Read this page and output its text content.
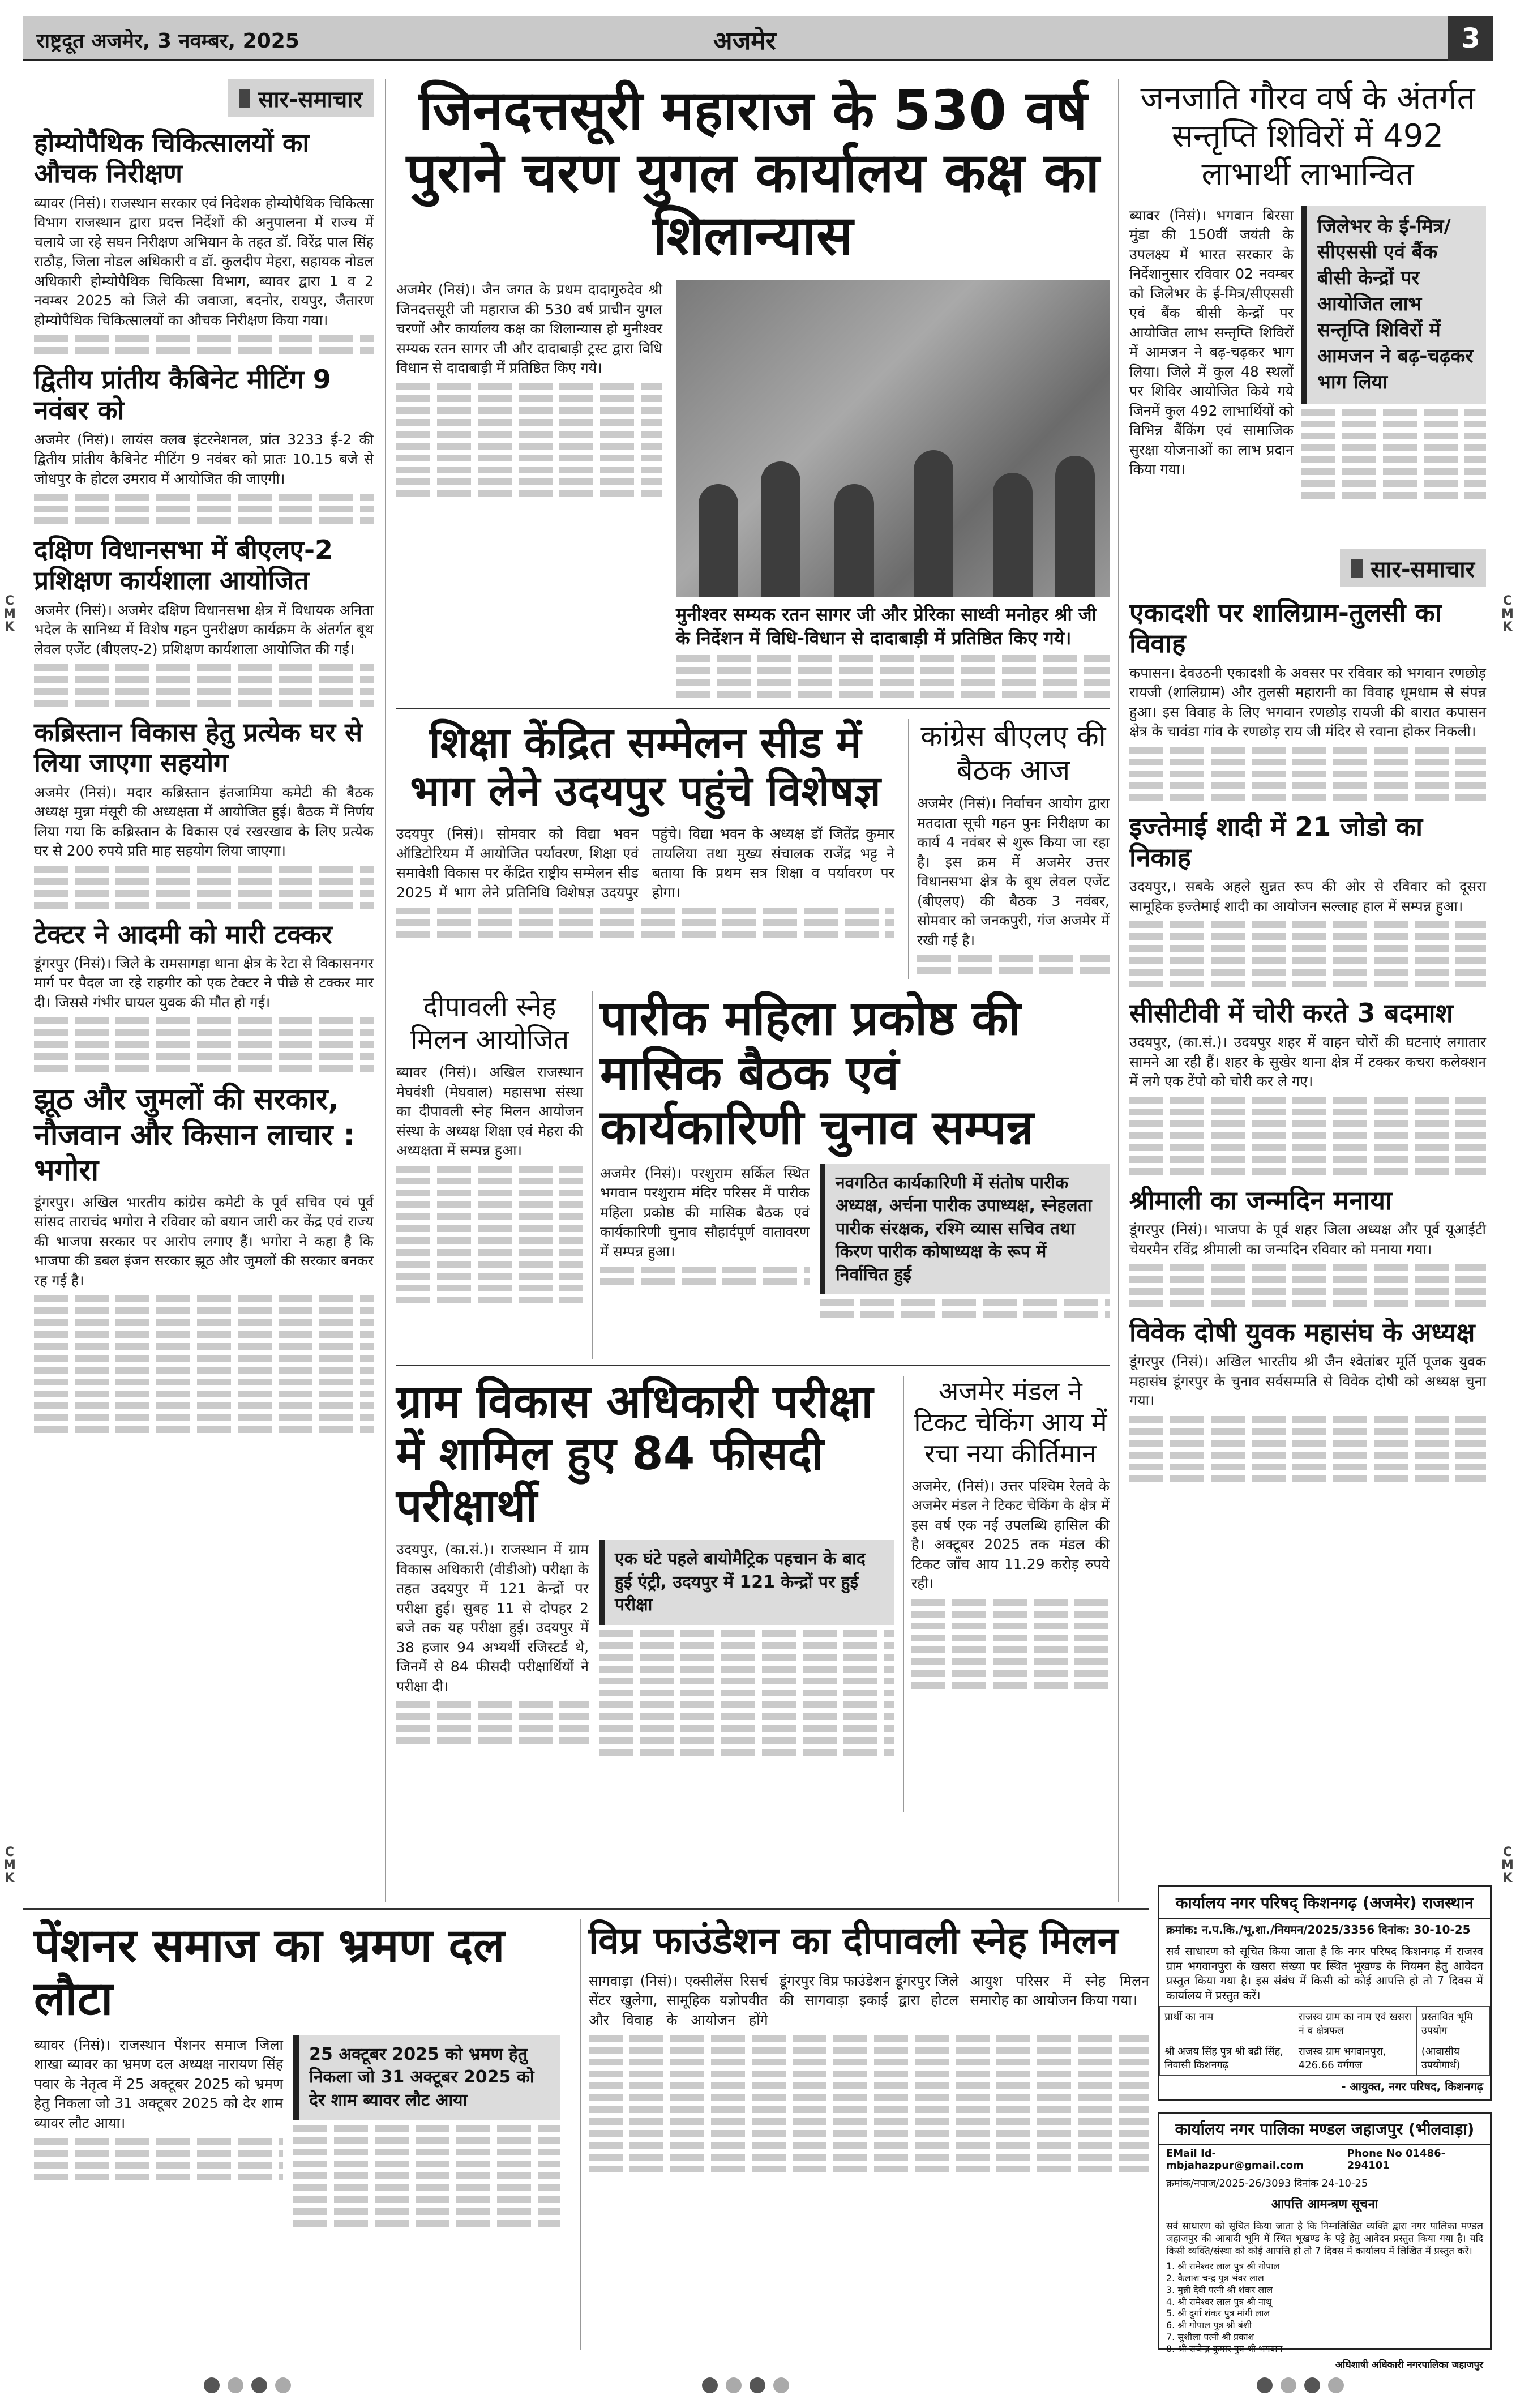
राष्ट्रदूत अजमेर, 3 नवम्बर, 2025	अजमेर	3
C
M
K
C
M
K
C
M
K
C
M
K
सार-समाचार
होम्योपैथिक चिकित्सालयों का औचक निरीक्षण
ब्यावर (निसं)। राजस्थान सरकार एवं निदेशक होम्योपैथिक चिकित्सा विभाग राजस्थान द्वारा प्रदत्त निर्देशों की अनुपालना में राज्य में चलाये जा रहे सघन निरीक्षण अभियान के तहत डॉ. विरेंद्र पाल सिंह राठौड़, जिला नोडल अधिकारी व डॉ. कुलदीप मेहरा, सहायक नोडल अधिकारी होम्योपैथिक चिकित्सा विभाग, ब्यावर द्वारा 1 व 2 नवम्बर 2025 को जिले की जवाजा, बदनोर, रायपुर, जैतारण होम्योपैथिक चिकित्सालयों का औचक निरीक्षण किया गया।
द्वितीय प्रांतीय कैबिनेट मीटिंग 9 नवंबर को
अजमेर (निसं)। लायंस क्लब इंटरनेशनल, प्रांत 3233 ई-2 की द्वितीय प्रांतीय कैबिनेट मीटिंग 9 नवंबर को प्रातः 10.15 बजे से जोधपुर के होटल उमराव में आयोजित की जाएगी।
दक्षिण विधानसभा में बीएलए-2 प्रशिक्षण कार्यशाला आयोजित
अजमेर (निसं)। अजमेर दक्षिण विधानसभा क्षेत्र में विधायक अनिता भदेल के सानिध्य में विशेष गहन पुनरीक्षण कार्यक्रम के अंतर्गत बूथ लेवल एजेंट (बीएलए-2) प्रशिक्षण कार्यशाला आयोजित की गई।
कब्रिस्तान विकास हेतु प्रत्येक घर से लिया जाएगा सहयोग
अजमेर (निसं)। मदार कब्रिस्तान इंतजामिया कमेटी की बैठक अध्यक्ष मुन्ना मंसूरी की अध्यक्षता में आयोजित हुई। बैठक में निर्णय लिया गया कि कब्रिस्तान के विकास एवं रखरखाव के लिए प्रत्येक घर से 200 रुपये प्रति माह सहयोग लिया जाएगा।
टेक्टर ने आदमी को मारी टक्कर
डूंगरपुर (निसं)। जिले के रामसागड़ा थाना क्षेत्र के रेटा से विकासनगर मार्ग पर पैदल जा रहे राहगीर को एक टेक्टर ने पीछे से टक्कर मार दी। जिससे गंभीर घायल युवक की मौत हो गई।
झूठ और जुमलों की सरकार, नौजवान और किसान लाचार : भगोरा
डूंगरपुर। अखिल भारतीय कांग्रेस कमेटी के पूर्व सचिव एवं पूर्व सांसद ताराचंद भगोरा ने रविवार को बयान जारी कर केंद्र एवं राज्य की भाजपा सरकार पर आरोप लगाए हैं। भगोरा ने कहा है कि भाजपा की डबल इंजन सरकार झूठ और जुमलों की सरकार बनकर रह गई है।
जिनदत्तसूरी महाराज के 530 वर्ष पुराने चरण युगल कार्यालय कक्ष का शिलान्यास
अजमेर (निसं)। जैन जगत के प्रथम दादागुरुदेव श्री जिनदत्तसूरी जी महाराज की 530 वर्ष प्राचीन युगल चरणों और कार्यालय कक्ष का शिलान्यास हो मुनीश्वर सम्यक रतन सागर जी और दादाबाड़ी ट्रस्ट द्वारा विधि विधान से दादाबाड़ी में प्रतिष्ठित किए गये।
मुनीश्वर सम्यक रतन सागर जी और प्रेरिका साध्वी मनोहर श्री जी के निर्देशन में विधि-विधान से दादाबाड़ी में प्रतिष्ठित किए गये।
जनजाति गौरव वर्ष के अंतर्गत सन्तृप्ति शिविरों में 492 लाभार्थी लाभान्वित
ब्यावर (निसं)। भगवान बिरसा मुंडा की 150वीं जयंती के उपलक्ष्य में भारत सरकार के निर्देशानुसार रविवार 02 नवम्बर को जिलेभर के ई-मित्र/सीएससी एवं बैंक बीसी केन्द्रों पर आयोजित लाभ सन्तृप्ति शिविरों में आमजन ने बढ़-चढ़कर भाग लिया। जिले में कुल 48 स्थलों पर शिविर आयोजित किये गये जिनमें कुल 492 लाभार्थियों को विभिन्न बैंकिंग एवं सामाजिक सुरक्षा योजनाओं का लाभ प्रदान किया गया।
जिलेभर के ई-मित्र/सीएससी एवं बैंक बीसी केन्द्रों पर आयोजित लाभ सन्तृप्ति शिविरों में आमजन ने बढ़-चढ़कर भाग लिया
सार-समाचार
एकादशी पर शालिग्राम-तुलसी का विवाह
कपासन। देवउठनी एकादशी के अवसर पर रविवार को भगवान रणछोड़ रायजी (शालिग्राम) और तुलसी महारानी का विवाह धूमधाम से संपन्न हुआ। इस विवाह के लिए भगवान रणछोड़ रायजी की बारात कपासन क्षेत्र के चावंडा गांव के रणछोड़ राय जी मंदिर से रवाना होकर निकली।
इज्तेमाई शादी में 21 जोडो का निकाह
उदयपुर,। सबके अहले सुन्नत रूप की ओर से रविवार को दूसरा सामूहिक इज्तेमाई शादी का आयोजन सल्लाह हाल में सम्पन्न हुआ।
सीसीटीवी में चोरी करते 3 बदमाश
उदयपुर, (का.सं.)। उदयपुर शहर में वाहन चोरों की घटनाएं लगातार सामने आ रही हैं। शहर के सुखेर थाना क्षेत्र में टक्कर कचरा कलेक्शन में लगे एक टेंपो को चोरी कर ले गए।
श्रीमाली का जन्मदिन मनाया
डूंगरपुर (निसं)। भाजपा के पूर्व शहर जिला अध्यक्ष और पूर्व यूआईटी चेयरमैन रविंद्र श्रीमाली का जन्मदिन रविवार को मनाया गया।
विवेक दोषी युवक महासंघ के अध्यक्ष
डूंगरपुर (निसं)। अखिल भारतीय श्री जैन श्वेतांबर मूर्ति पूजक युवक महासंघ डूंगरपुर के चुनाव सर्वसम्मति से विवेक दोषी को अध्यक्ष चुना गया।
शिक्षा केंद्रित सम्मेलन सीड में भाग लेने उदयपुर पहुंचे विशेषज्ञ
उदयपुर (निसं)। सोमवार को विद्या भवन ऑडिटोरियम में आयोजित पर्यावरण, शिक्षा एवं समावेशी विकास पर केंद्रित राष्ट्रीय सम्मेलन सीड 2025 में भाग लेने प्रतिनिधि विशेषज्ञ उदयपुर पहुंचे। विद्या भवन के अध्यक्ष डॉ जितेंद्र कुमार तायलिया तथा मुख्य संचालक राजेंद्र भट्ट ने बताया कि प्रथम सत्र शिक्षा व पर्यावरण पर होगा।
कांग्रेस बीएलए की बैठक आज
अजमेर (निसं)। निर्वाचन आयोग द्वारा मतदाता सूची गहन पुनः निरीक्षण का कार्य 4 नवंबर से शुरू किया जा रहा है। इस क्रम में अजमेर उत्तर विधानसभा क्षेत्र के बूथ लेवल एजेंट (बीएलए) की बैठक 3 नवंबर, सोमवार को जनकपुरी, गंज अजमेर में रखी गई है।
दीपावली स्नेह मिलन आयोजित
ब्यावर (निसं)। अखिल राजस्थान मेघवंशी (मेघवाल) महासभा संस्था का दीपावली स्नेह मिलन आयोजन संस्था के अध्यक्ष शिक्षा एवं मेहरा की अध्यक्षता में सम्पन्न हुआ।
पारीक महिला प्रकोष्ठ की मासिक बैठक एवं कार्यकारिणी चुनाव सम्पन्न
अजमेर (निसं)। परशुराम सर्किल स्थित भगवान परशुराम मंदिर परिसर में पारीक महिला प्रकोष्ठ की मासिक बैठक एवं कार्यकारिणी चुनाव सौहार्दपूर्ण वातावरण में सम्पन्न हुआ।
नवगठित कार्यकारिणी में संतोष पारीक अध्यक्ष, अर्चना पारीक उपाध्यक्ष, स्नेहलता पारीक संरक्षक, रश्मि व्यास सचिव तथा किरण पारीक कोषाध्यक्ष के रूप में निर्वाचित हुई
ग्राम विकास अधिकारी परीक्षा में शामिल हुए 84 फीसदी परीक्षार्थी
उदयपुर, (का.सं.)। राजस्थान में ग्राम विकास अधिकारी (वीडीओ) परीक्षा के तहत उदयपुर में 121 केन्द्रों पर परीक्षा हुई। सुबह 11 से दोपहर 2 बजे तक यह परीक्षा हुई। उदयपुर में 38 हजार 94 अभ्यर्थी रजिस्टर्ड थे, जिनमें से 84 फीसदी परीक्षार्थियों ने परीक्षा दी।
एक घंटे पहले बायोमैट्रिक पहचान के बाद हुई एंट्री, उदयपुर में 121 केन्द्रों पर हुई परीक्षा
अजमेर मंडल ने टिकट चेकिंग आय में रचा नया कीर्तिमान
अजमेर, (निसं)। उत्तर पश्चिम रेलवे के अजमेर मंडल ने टिकट चेकिंग के क्षेत्र में इस वर्ष एक नई उपलब्धि हासिल की है। अक्टूबर 2025 तक मंडल की टिकट जाँच आय 11.29 करोड़ रुपये रही।
पेंशनर समाज का भ्रमण दल लौटा
ब्यावर (निसं)। राजस्थान पेंशनर समाज जिला शाखा ब्यावर का भ्रमण दल अध्यक्ष नारायण सिंह पवार के नेतृत्व में 25 अक्टूबर 2025 को भ्रमण हेतु निकला जो 31 अक्टूबर 2025 को देर शाम ब्यावर लौट आया।
25 अक्टूबर 2025 को भ्रमण हेतु निकला जो 31 अक्टूबर 2025 को देर शाम ब्यावर लौट आया
विप्र फाउंडेशन का दीपावली स्नेह मिलन
सागवाड़ा (निसं)। एक्सीलेंस रिसर्च सेंटर खुलेगा, सामूहिक यज्ञोपवीत और विवाह के आयोजन होंगे डूंगरपुर विप्र फाउंडेशन डूंगरपुर जिले की सागवाड़ा इकाई द्वारा होटल आयुश परिसर में स्नेह मिलन समारोह का आयोजन किया गया।
कार्यालय नगर परिषद् किशनगढ़ (अजमेर) राजस्थान
क्रमांक: न.प.कि./भू.शा./नियमन/2025/3356 दिनांक: 30-10-25
सर्व साधारण को सूचित किया जाता है कि नगर परिषद किशनगढ़ में राजस्व ग्राम भगवानपुरा के खसरा संख्या पर स्थित भूखण्ड के नियमन हेतु आवेदन प्रस्तुत किया गया है। इस संबंध में किसी को कोई आपत्ति हो तो 7 दिवस में कार्यालय में प्रस्तुत करें।
प्रार्थी का नाम	राजस्व ग्राम का नाम एवं खसरा नं व क्षेत्रफल	प्रस्तावित भूमि उपयोग
श्री अजय सिंह पुत्र श्री बद्री सिंह, निवासी किशनगढ़	राजस्व ग्राम भगवानपुरा, 426.66 वर्गगज	(आवासीय उपयोगार्थ)
- आयुक्त, नगर परिषद, किशनगढ़
कार्यालय नगर पालिका मण्डल जहाजपुर (भीलवाड़ा)
EMail Id-mbjahazpur@gmail.com
Phone No 01486-294101
क्रमांक/नपाज/2025-26/3093 दिनांक 24-10-25
आपत्ति आमन्त्रण सूचना
सर्व साधारण को सूचित किया जाता है कि निम्नलिखित व्यक्ति द्वारा नगर पालिका मण्डल जहाजपुर की आबादी भूमि में स्थित भूखण्ड के पट्टे हेतु आवेदन प्रस्तुत किया गया है। यदि किसी व्यक्ति/संस्था को कोई आपत्ति हो तो 7 दिवस में कार्यालय में लिखित में प्रस्तुत करें।
1. श्री रामेश्वर लाल पुत्र श्री गोपाल
2. कैलाश चन्द्र पुत्र भंवर लाल
3. मुन्नी देवी पत्नी श्री शंकर लाल
4. श्री रामेश्वर लाल पुत्र श्री नाथू
5. श्री दुर्गा शंकर पुत्र मांगी लाल
6. श्री गोपाल पुत्र श्री बंशी
7. सुशीला पत्नी श्री प्रकाश
8. श्री राजेन्द्र कुमार पुत्र श्री भगवान
अधिशाषी अधिकारी नगरपालिका जहाजपुर
